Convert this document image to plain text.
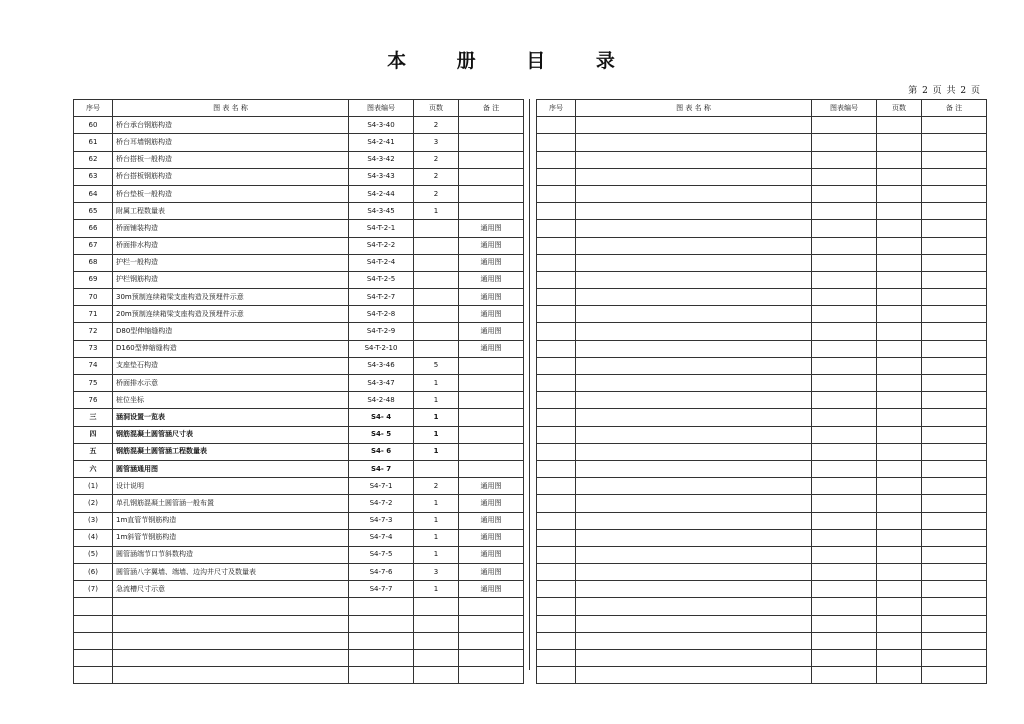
本 册 目 录
第 2 页 共 2 页
序号	图 表 名 称	图表编号	页数	备 注
60	桥台承台钢筋构造	S4-3-40	2	
61	桥台耳墙钢筋构造	S4-2-41	3	
62	桥台搭板一般构造	S4-3-42	2	
63	桥台搭板钢筋构造	S4-3-43	2	
64	桥台垫板一般构造	S4-2-44	2	
65	附属工程数量表	S4-3-45	1	
66	桥面铺装构造	S4-T-2-1		通用图
67	桥面排水构造	S4-T-2-2		通用图
68	护栏一般构造	S4-T-2-4		通用图
69	护栏钢筋构造	S4-T-2-5		通用图
70	30m预制连续箱梁支座构造及预埋件示意	S4-T-2-7		通用图
71	20m预制连续箱梁支座构造及预埋件示意	S4-T-2-8		通用图
72	D80型伸缩缝构造	S4-T-2-9		通用图
73	D160型伸缩缝构造	S4-T-2-10		通用图
74	支座垫石构造	S4-3-46	5	
75	桥面排水示意	S4-3-47	1	
76	桩位坐标	S4-2-48	1	
三	涵洞设置一览表	S4- 4	1	
四	钢筋混凝土圆管涵尺寸表	S4- 5	1	
五	钢筋混凝土圆管涵工程数量表	S4- 6	1	
六	圆管涵通用图	S4- 7		
(1)	设计说明	S4-7-1	2	通用图
(2)	单孔钢筋混凝土圆管涵一般布置	S4-7-2	1	通用图
(3)	1m直管节钢筋构造	S4-7-3	1	通用图
(4)	1m斜管节钢筋构造	S4-7-4	1	通用图
(5)	圆管涵端节口节斜数构造	S4-7-5	1	通用图
(6)	圆管涵八字翼墙、端墙、边沟井尺寸及数量表	S4-7-6	3	通用图
(7)	急流槽尺寸示意	S4-7-7	1	通用图

序号	图 表 名 称	图表编号	页数	备 注
